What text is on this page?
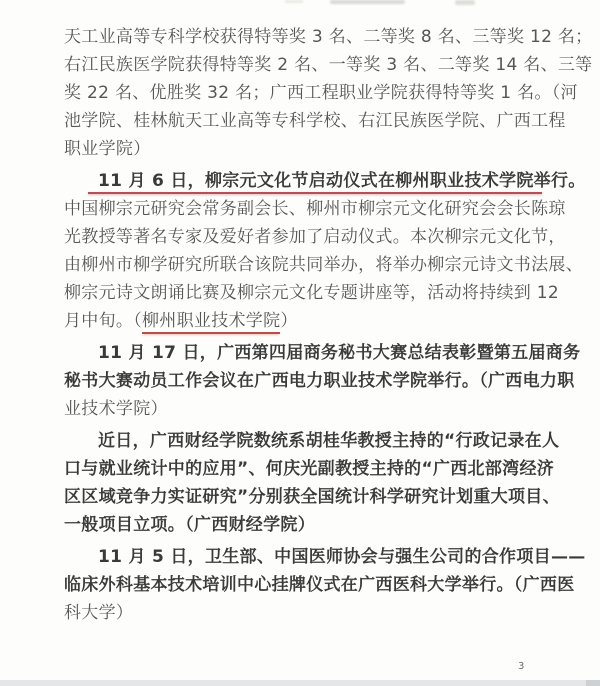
天工业高等专科学校获得特等奖 3 名、二等奖 8 名、三等奖 12 名；
右江民族医学院获得特等奖 2 名、一等奖 3 名、二等奖 14 名、三等
奖 22 名、优胜奖 32 名；广西工程职业学院获得特等奖 1 名。（河
池学院、桂林航天工业高等专科学校、右江民族医学院、广西工程
职业学院）
11 月 6 日，柳宗元文化节启动仪式在柳州职业技术学院举行。
中国柳宗元研究会常务副会长、柳州市柳宗元文化研究会会长陈琼
光教授等著名专家及爱好者参加了启动仪式。本次柳宗元文化节，
由柳州市柳学研究所联合该院共同举办，将举办柳宗元诗文书法展、
柳宗元诗文朗诵比赛及柳宗元文化专题讲座等，活动将持续到 12
月中旬。（柳州职业技术学院）
11 月 17 日，广西第四届商务秘书大赛总结表彰暨第五届商务
秘书大赛动员工作会议在广西电力职业技术学院举行。（广西电力职
业技术学院）
近日，广西财经学院数统系胡桂华教授主持的“行政记录在人
口与就业统计中的应用”、何庆光副教授主持的“广西北部湾经济
区区域竞争力实证研究”分别获全国统计科学研究计划重大项目、
一般项目立项。（广西财经学院）
11 月 5 日，卫生部、中国医师协会与强生公司的合作项目——
临床外科基本技术培训中心挂牌仪式在广西医科大学举行。（广西医
科大学）
3
